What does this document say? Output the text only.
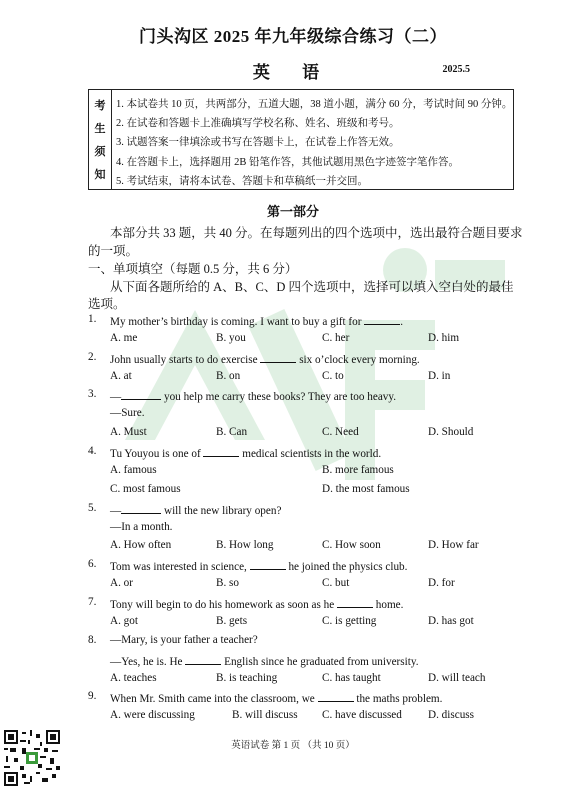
门头沟区 2025 年九年级综合练习（二）
英 语	2025.5
考
生
须
知
1. 本试卷共 10 页，共两部分，五道大题，38 道小题，满分 60 分，考试时间 90 分钟。
2. 在试卷和答题卡上准确填写学校名称、姓名、班级和考号。
3. 试题答案一律填涂或书写在答题卡上，在试卷上作答无效。
4. 在答题卡上，选择题用 2B 铅笔作答，其他试题用黑色字迹签字笔作答。
5. 考试结束，请将本试卷、答题卡和草稿纸一并交回。
第一部分
本部分共 33 题，共 40 分。在每题列出的四个选项中，选出最符合题目要求
的一项。
一、单项填空（每题 0.5 分，共 6 分）
从下面各题所给的 A、B、C、D 四个选项中，选择可以填入空白处的最佳
选项。
1. My mother’s birthday is coming. I want to buy a gift for	.
A. me	B. you	C. her	D. him
2. John usually starts to do exercise	six o’clock every morning.
A. at	B. on	C. to	D. in
3. —	you help me carry these books? They are too heavy.
—Sure.
A. Must	B. Can	C. Need	D. Should
4. Tu Youyou is one of	medical scientists in the world.
A. famous	B. more famous
C. most famous	D. the most famous
5. —	will the new library open?
—In a month.
A. How often	B. How long	C. How soon	D. How far
6. Tom was interested in science,	he joined the physics club.
A. or	B. so	C. but	D. for
7. Tony will begin to do his homework as soon as he	home.
A. got	B. gets	C. is getting	D. has got
8. —Mary, is your father a teacher?
—Yes, he is. He	English since he graduated from university.
A. teaches	B. is teaching	C. has taught	D. will teach
9. When Mr. Smith came into the classroom, we	the maths problem.
A. were discussing	B. will discuss C. have discussed D. discuss
英语试卷 第 1 页 （共 10 页）
